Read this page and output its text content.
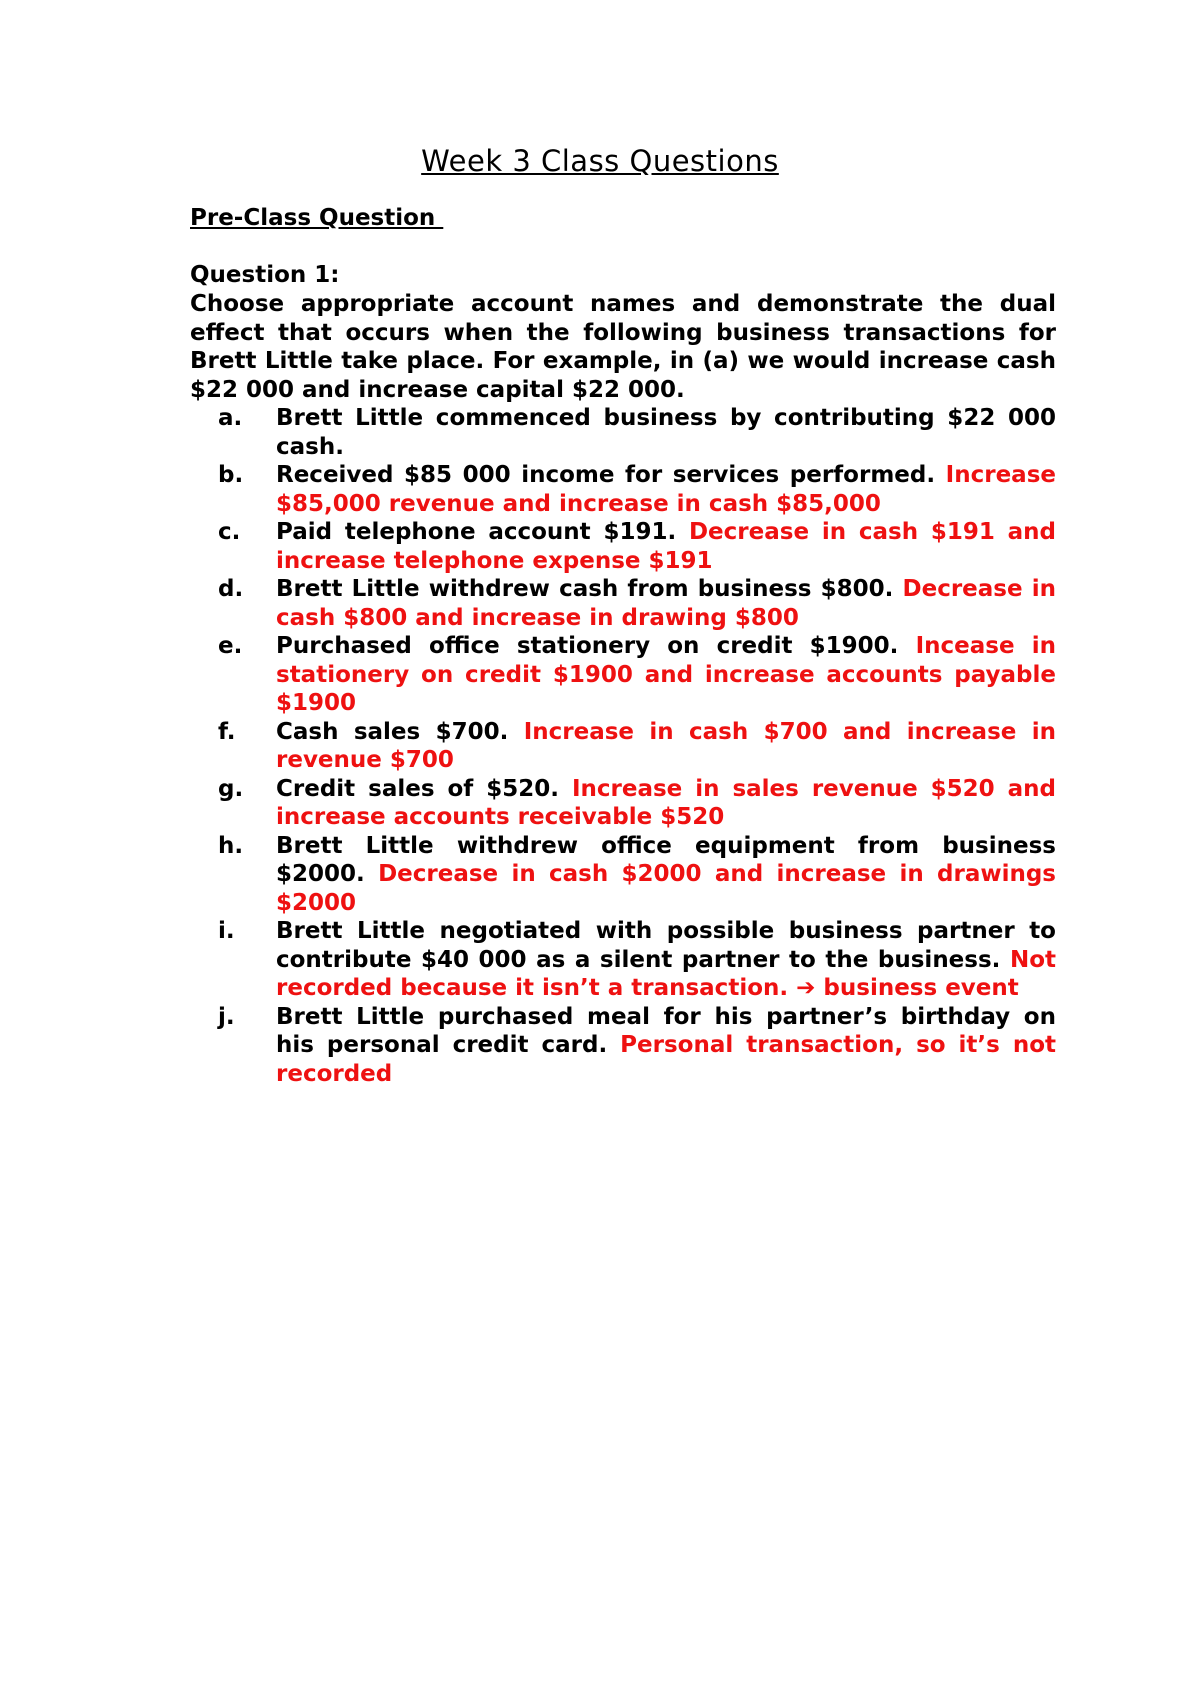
Week 3 Class Questions
Pre-Class Question
Question 1:
Choose appropriate account names and demonstrate the dual effect that occurs when the following business transactions for Brett Little take place. For example, in (a) we would increase cash $22 000 and increase capital $22 000.
a. Brett Little commenced business by contributing $22 000 cash.
b. Received $85 000 income for services performed. Increase $85,000 revenue and increase in cash $85,000
c. Paid telephone account $191. Decrease in cash $191 and increase telephone expense $191
d. Brett Little withdrew cash from business $800. Decrease in cash $800 and increase in drawing $800
e. Purchased office stationery on credit $1900. Incease in stationery on credit $1900 and increase accounts payable $1900
f. Cash sales $700. Increase in cash $700 and increase in revenue $700
g. Credit sales of $520. Increase in sales revenue $520 and increase accounts receivable $520
h. Brett Little withdrew office equipment from business $2000. Decrease in cash $2000 and increase in drawings $2000
i. Brett Little negotiated with possible business partner to contribute $40 000 as a silent partner to the business. Not recorded because it isn’t a transaction. ➔ business event
j. Brett Little purchased meal for his partner’s birthday on his personal credit card. Personal transaction, so it’s not recorded
